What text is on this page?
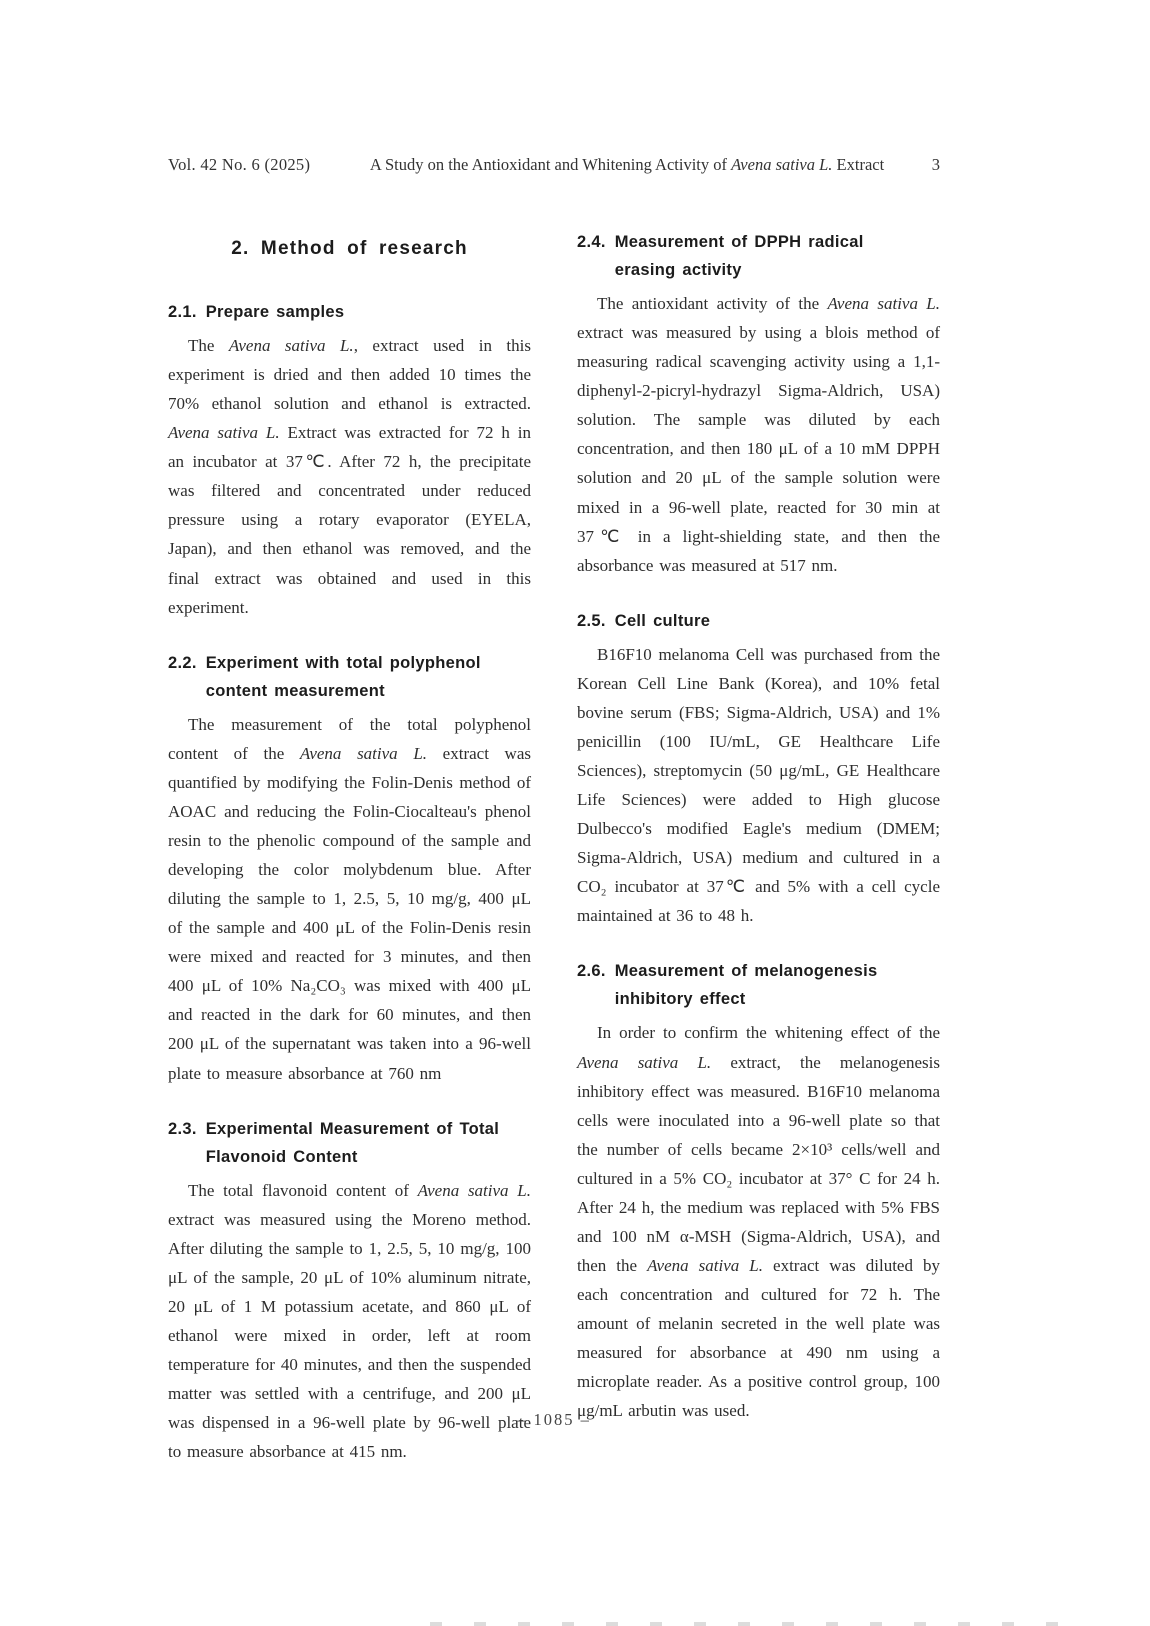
Vol. 42 No. 6 (2025)	A Study on the Antioxidant and Whitening Activity of Avena sativa L. Extract	3
2. Method of research
2.1. Prepare samples

The Avena sativa L., extract used in this experiment is dried and then added 10 times the 70% ethanol solution and ethanol is extracted. Avena sativa L. Extract was extracted for 72 h in an incubator at 37℃. After 72 h, the precipitate was filtered and concentrated under reduced pressure using a rotary evaporator (EYELA, Japan), and then ethanol was removed, and the final extract was obtained and used in this experiment.

2.2. Experiment with total polyphenol
content measurement

The measurement of the total polyphenol content of the Avena sativa L. extract was quantified by modifying the Folin-Denis method of AOAC and reducing the Folin-Ciocalteau's phenol resin to the phenolic compound of the sample and developing the color molybdenum blue. After diluting the sample to 1, 2.5, 5, 10 mg/g, 400 μL of the sample and 400 μL of the Folin-Denis resin were mixed and reacted for 3 minutes, and then 400 μL of 10% Na₂CO₃ was mixed with 400 μL and reacted in the dark for 60 minutes, and then 200 μL of the supernatant was taken into a 96-well plate to measure absorbance at 760 nm

2.3. Experimental Measurement of Total
Flavonoid Content

The total flavonoid content of Avena sativa L. extract was measured using the Moreno method. After diluting the sample to 1, 2.5, 5, 10 mg/g, 100 μL of the sample, 20 μL of 10% aluminum nitrate, 20 μL of 1 M potassium acetate, and 860 μL of ethanol were mixed in order, left at room temperature for 40 minutes, and then the suspended matter was settled with a centrifuge, and 200 μL was dispensed in a 96-well plate by 96-well plate to measure absorbance at 415 nm.

2.4. Measurement of DPPH radical
erasing activity

The antioxidant activity of the Avena sativa L. extract was measured by using a blois method of measuring radical scavenging activity using a 1,1-diphenyl-2-picryl-hydrazyl Sigma-Aldrich, USA) solution. The sample was diluted by each concentration, and then 180 μL of a 10 mM DPPH solution and 20 μL of the sample solution were mixed in a 96-well plate, reacted for 30 min at 37℃ in a light-shielding state, and then the absorbance was measured at 517 nm.

2.5. Cell culture

B16F10 melanoma Cell was purchased from the Korean Cell Line Bank (Korea), and 10% fetal bovine serum (FBS; Sigma-Aldrich, USA) and 1% penicillin (100 IU/mL, GE Healthcare Life Sciences), streptomycin (50 μg/mL, GE Healthcare Life Sciences) were added to High glucose Dulbecco's modified Eagle's medium (DMEM; Sigma-Aldrich, USA) medium and cultured in a CO₂ incubator at 37℃ and 5% with a cell cycle maintained at 36 to 48 h.

2.6. Measurement of melanogenesis
inhibitory effect

In order to confirm the whitening effect of the Avena sativa L. extract, the melanogenesis inhibitory effect was measured. B16F10 melanoma cells were inoculated into a 96-well plate so that the number of cells became 2×10³ cells/well and cultured in a 5% CO₂ incubator at 37° C for 24 h. After 24 h, the medium was replaced with 5% FBS and 100 nM α-MSH (Sigma-Aldrich, USA), and then the Avena sativa L. extract was diluted by each concentration and cultured for 72 h. The amount of melanin secreted in the well plate was measured for absorbance at 490 nm using a microplate reader. As a positive control group, 100 μg/mL arbutin was used.

– 1085 –
